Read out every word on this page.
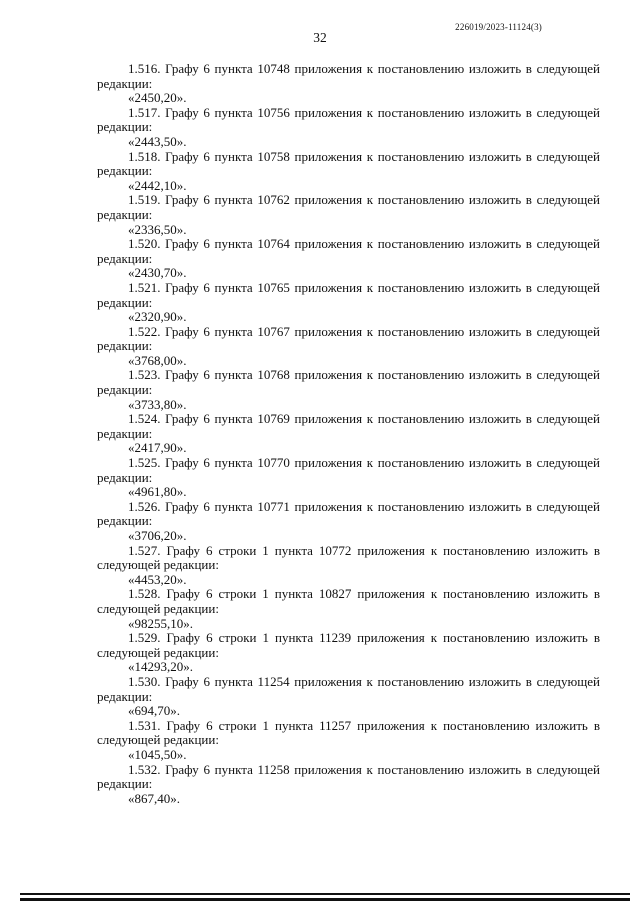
226019/2023-11124(3)
32

1.516. Графу 6 пункта 10748 приложения к постановлению изложить в следующей редакции:

«2450,20».

1.517. Графу 6 пункта 10756 приложения к постановлению изложить в следующей редакции:

«2443,50».

1.518. Графу 6 пункта 10758 приложения к постановлению изложить в следующей редакции:

«2442,10».

1.519. Графу 6 пункта 10762 приложения к постановлению изложить в следующей редакции:

«2336,50».

1.520. Графу 6 пункта 10764 приложения к постановлению изложить в следующей редакции:

«2430,70».

1.521. Графу 6 пункта 10765 приложения к постановлению изложить в следующей редакции:

«2320,90».

1.522. Графу 6 пункта 10767 приложения к постановлению изложить в следующей редакции:

«3768,00».

1.523. Графу 6 пункта 10768 приложения к постановлению изложить в следующей редакции:

«3733,80».

1.524. Графу 6 пункта 10769 приложения к постановлению изложить в следующей редакции:

«2417,90».

1.525. Графу 6 пункта 10770 приложения к постановлению изложить в следующей редакции:

«4961,80».

1.526. Графу 6 пункта 10771 приложения к постановлению изложить в следующей редакции:

«3706,20».

1.527. Графу 6 строки 1 пункта 10772 приложения к постановлению изложить в следующей редакции:

«4453,20».

1.528. Графу 6 строки 1 пункта 10827 приложения к постановлению изложить в следующей редакции:

«98255,10».

1.529. Графу 6 строки 1 пункта 11239 приложения к постановлению изложить в следующей редакции:

«14293,20».

1.530. Графу 6 пункта 11254 приложения к постановлению изложить в следующей редакции:

«694,70».

1.531. Графу 6 строки 1 пункта 11257 приложения к постановлению изложить в следующей редакции:

«1045,50».

1.532. Графу 6 пункта 11258 приложения к постановлению изложить в следующей редакции:

«867,40».
